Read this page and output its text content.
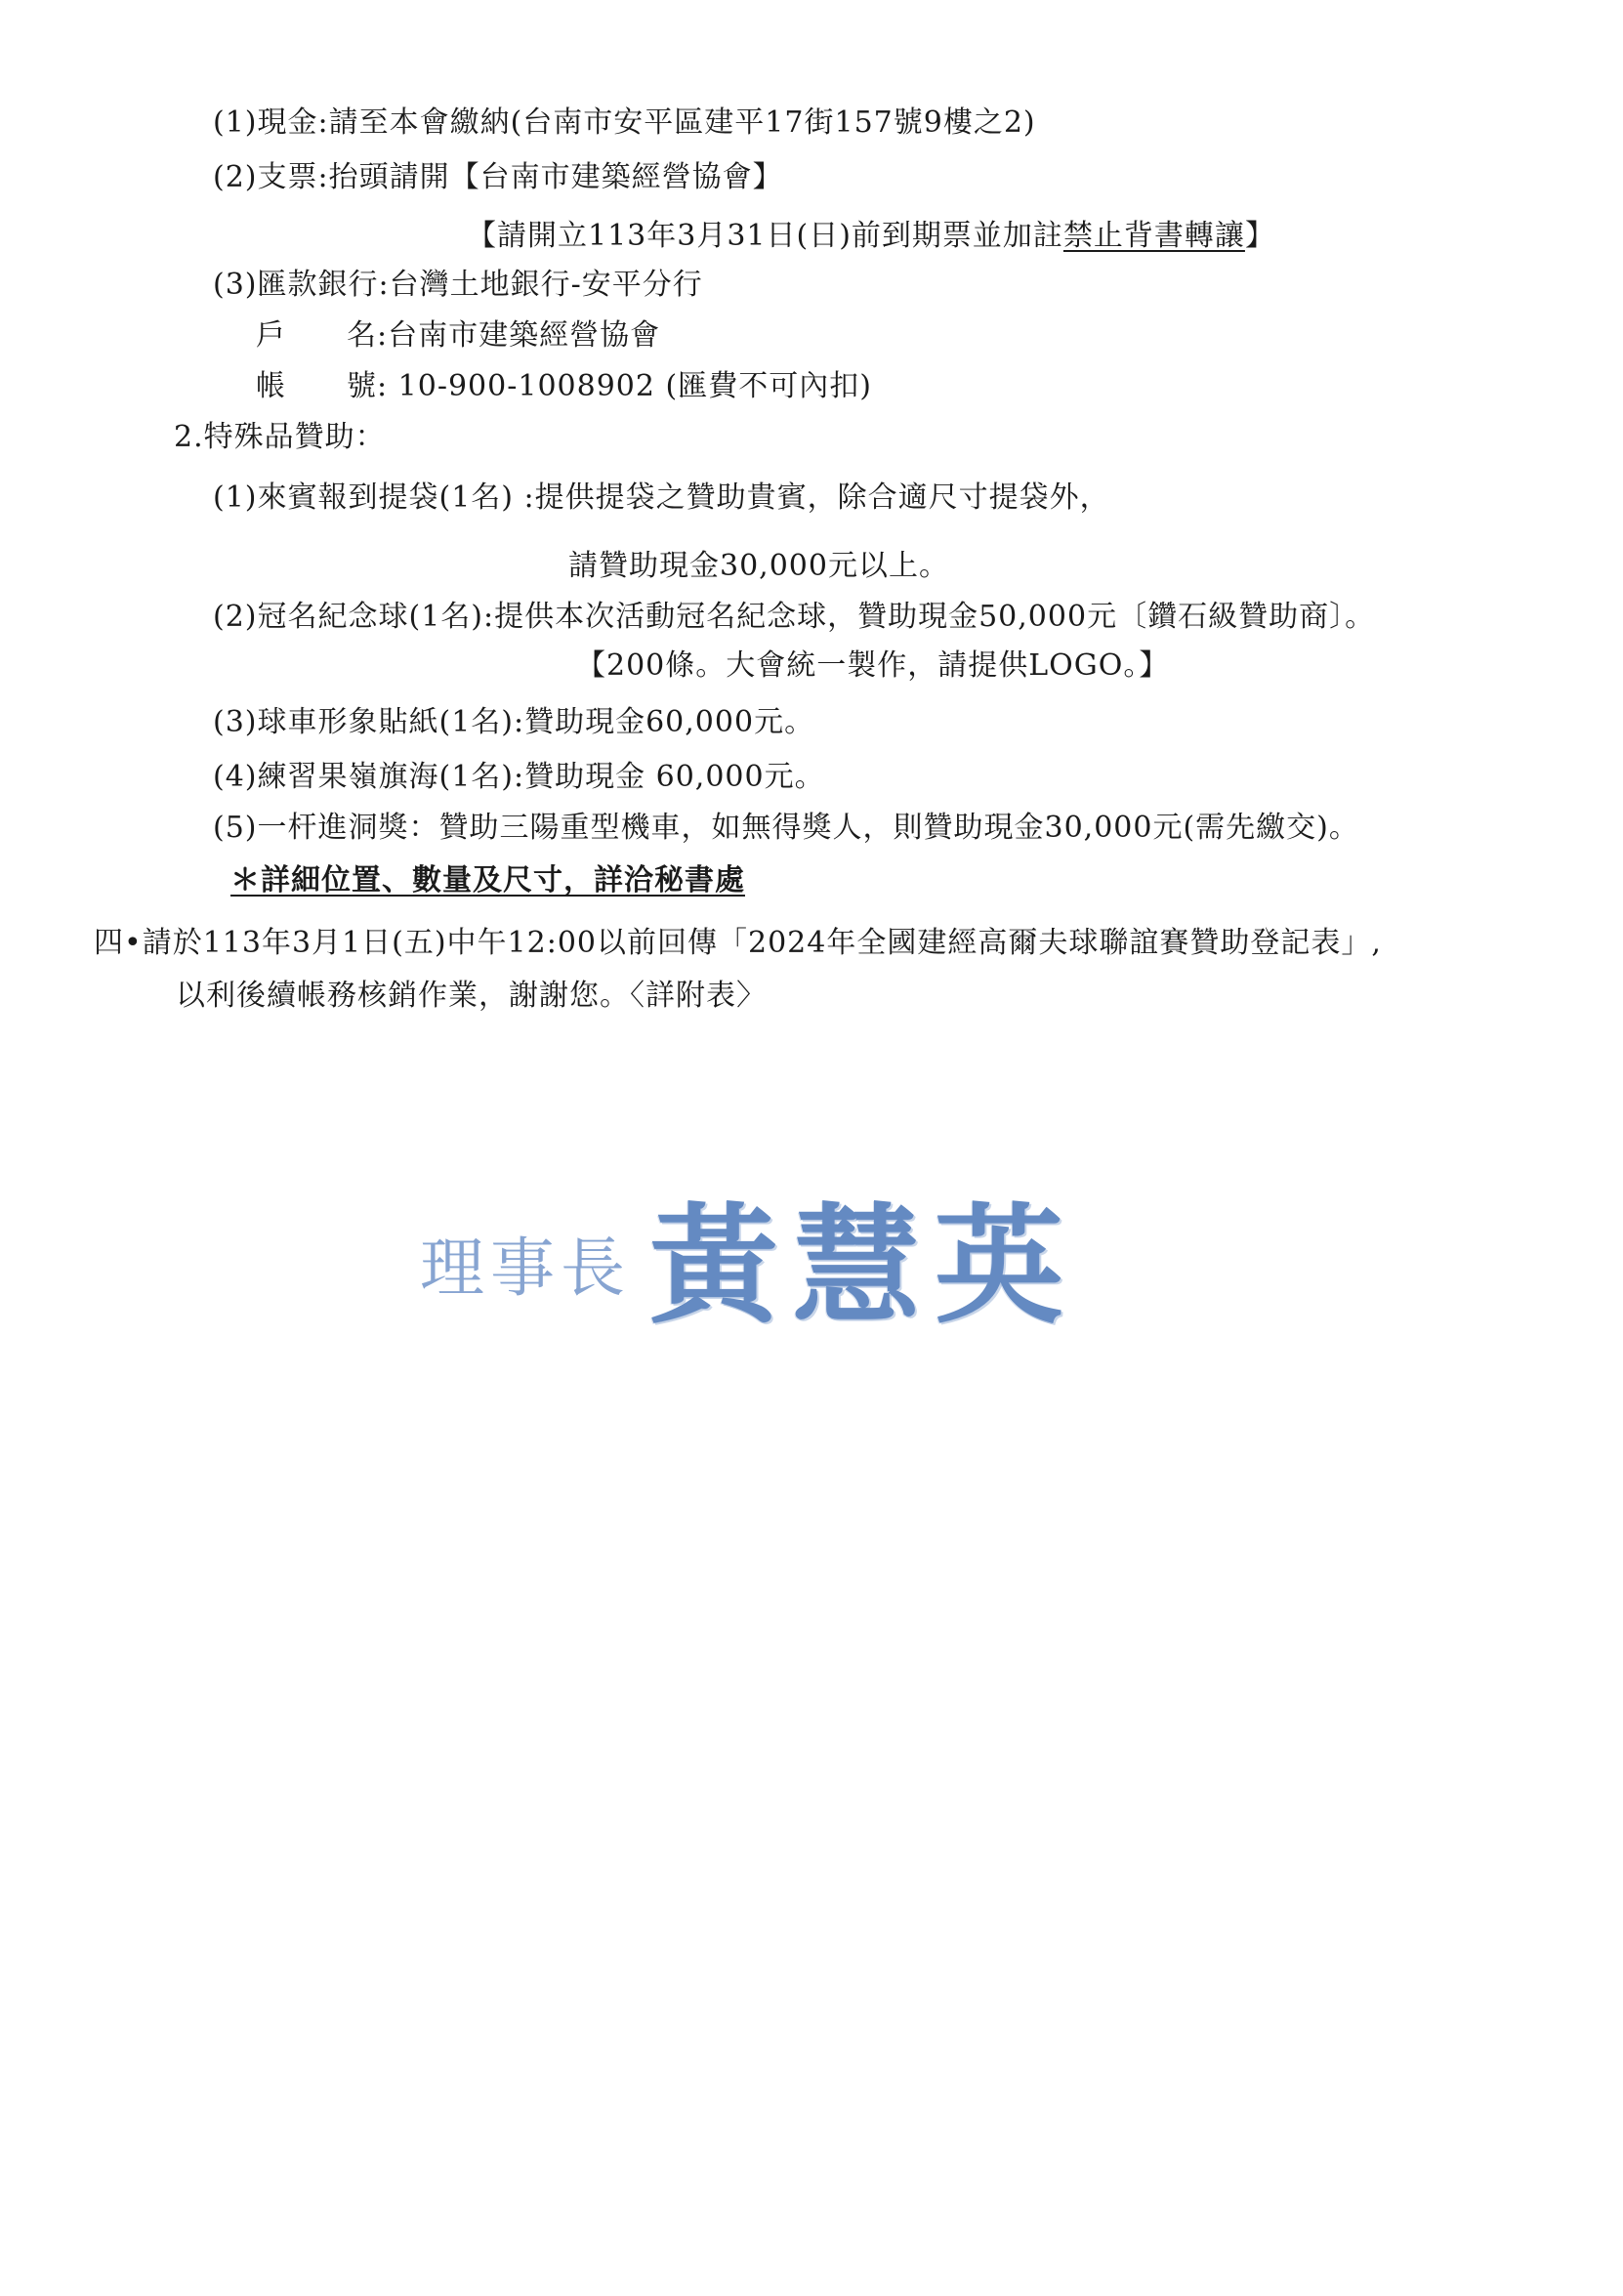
(1)現金:請至本會繳納(台南市安平區建平17街157號9樓之2)
(2)支票:抬頭請開【台南市建築經營協會】
【請開立113年3月31日(日)前到期票並加註禁止背書轉讓】
(3)匯款銀行:台灣土地銀行-安平分行
戶　　名:台南市建築經營協會
帳　　號: 10-900-1008902 (匯費不可內扣)
2.特殊品贊助：
(1)來賓報到提袋(1名) :提供提袋之贊助貴賓，除合適尺寸提袋外，
請贊助現金30,000元以上。
(2)冠名紀念球(1名):提供本次活動冠名紀念球，贊助現金50,000元〔鑽石級贊助商〕。
【200條。大會統一製作，請提供LOGO。】
(3)球車形象貼紙(1名):贊助現金60,000元。
(4)練習果嶺旗海(1名):贊助現金 60,000元。
(5)一杆進洞獎：贊助三陽重型機車，如無得獎人，則贊助現金30,000元(需先繳交)。
＊詳細位置、數量及尺寸，詳洽秘書處
四•請於113年3月1日(五)中午12:00以前回傳「2024年全國建經高爾夫球聯誼賽贊助登記表」,
以利後續帳務核銷作業，謝謝您。〈詳附表〉
理事長 黃慧英
